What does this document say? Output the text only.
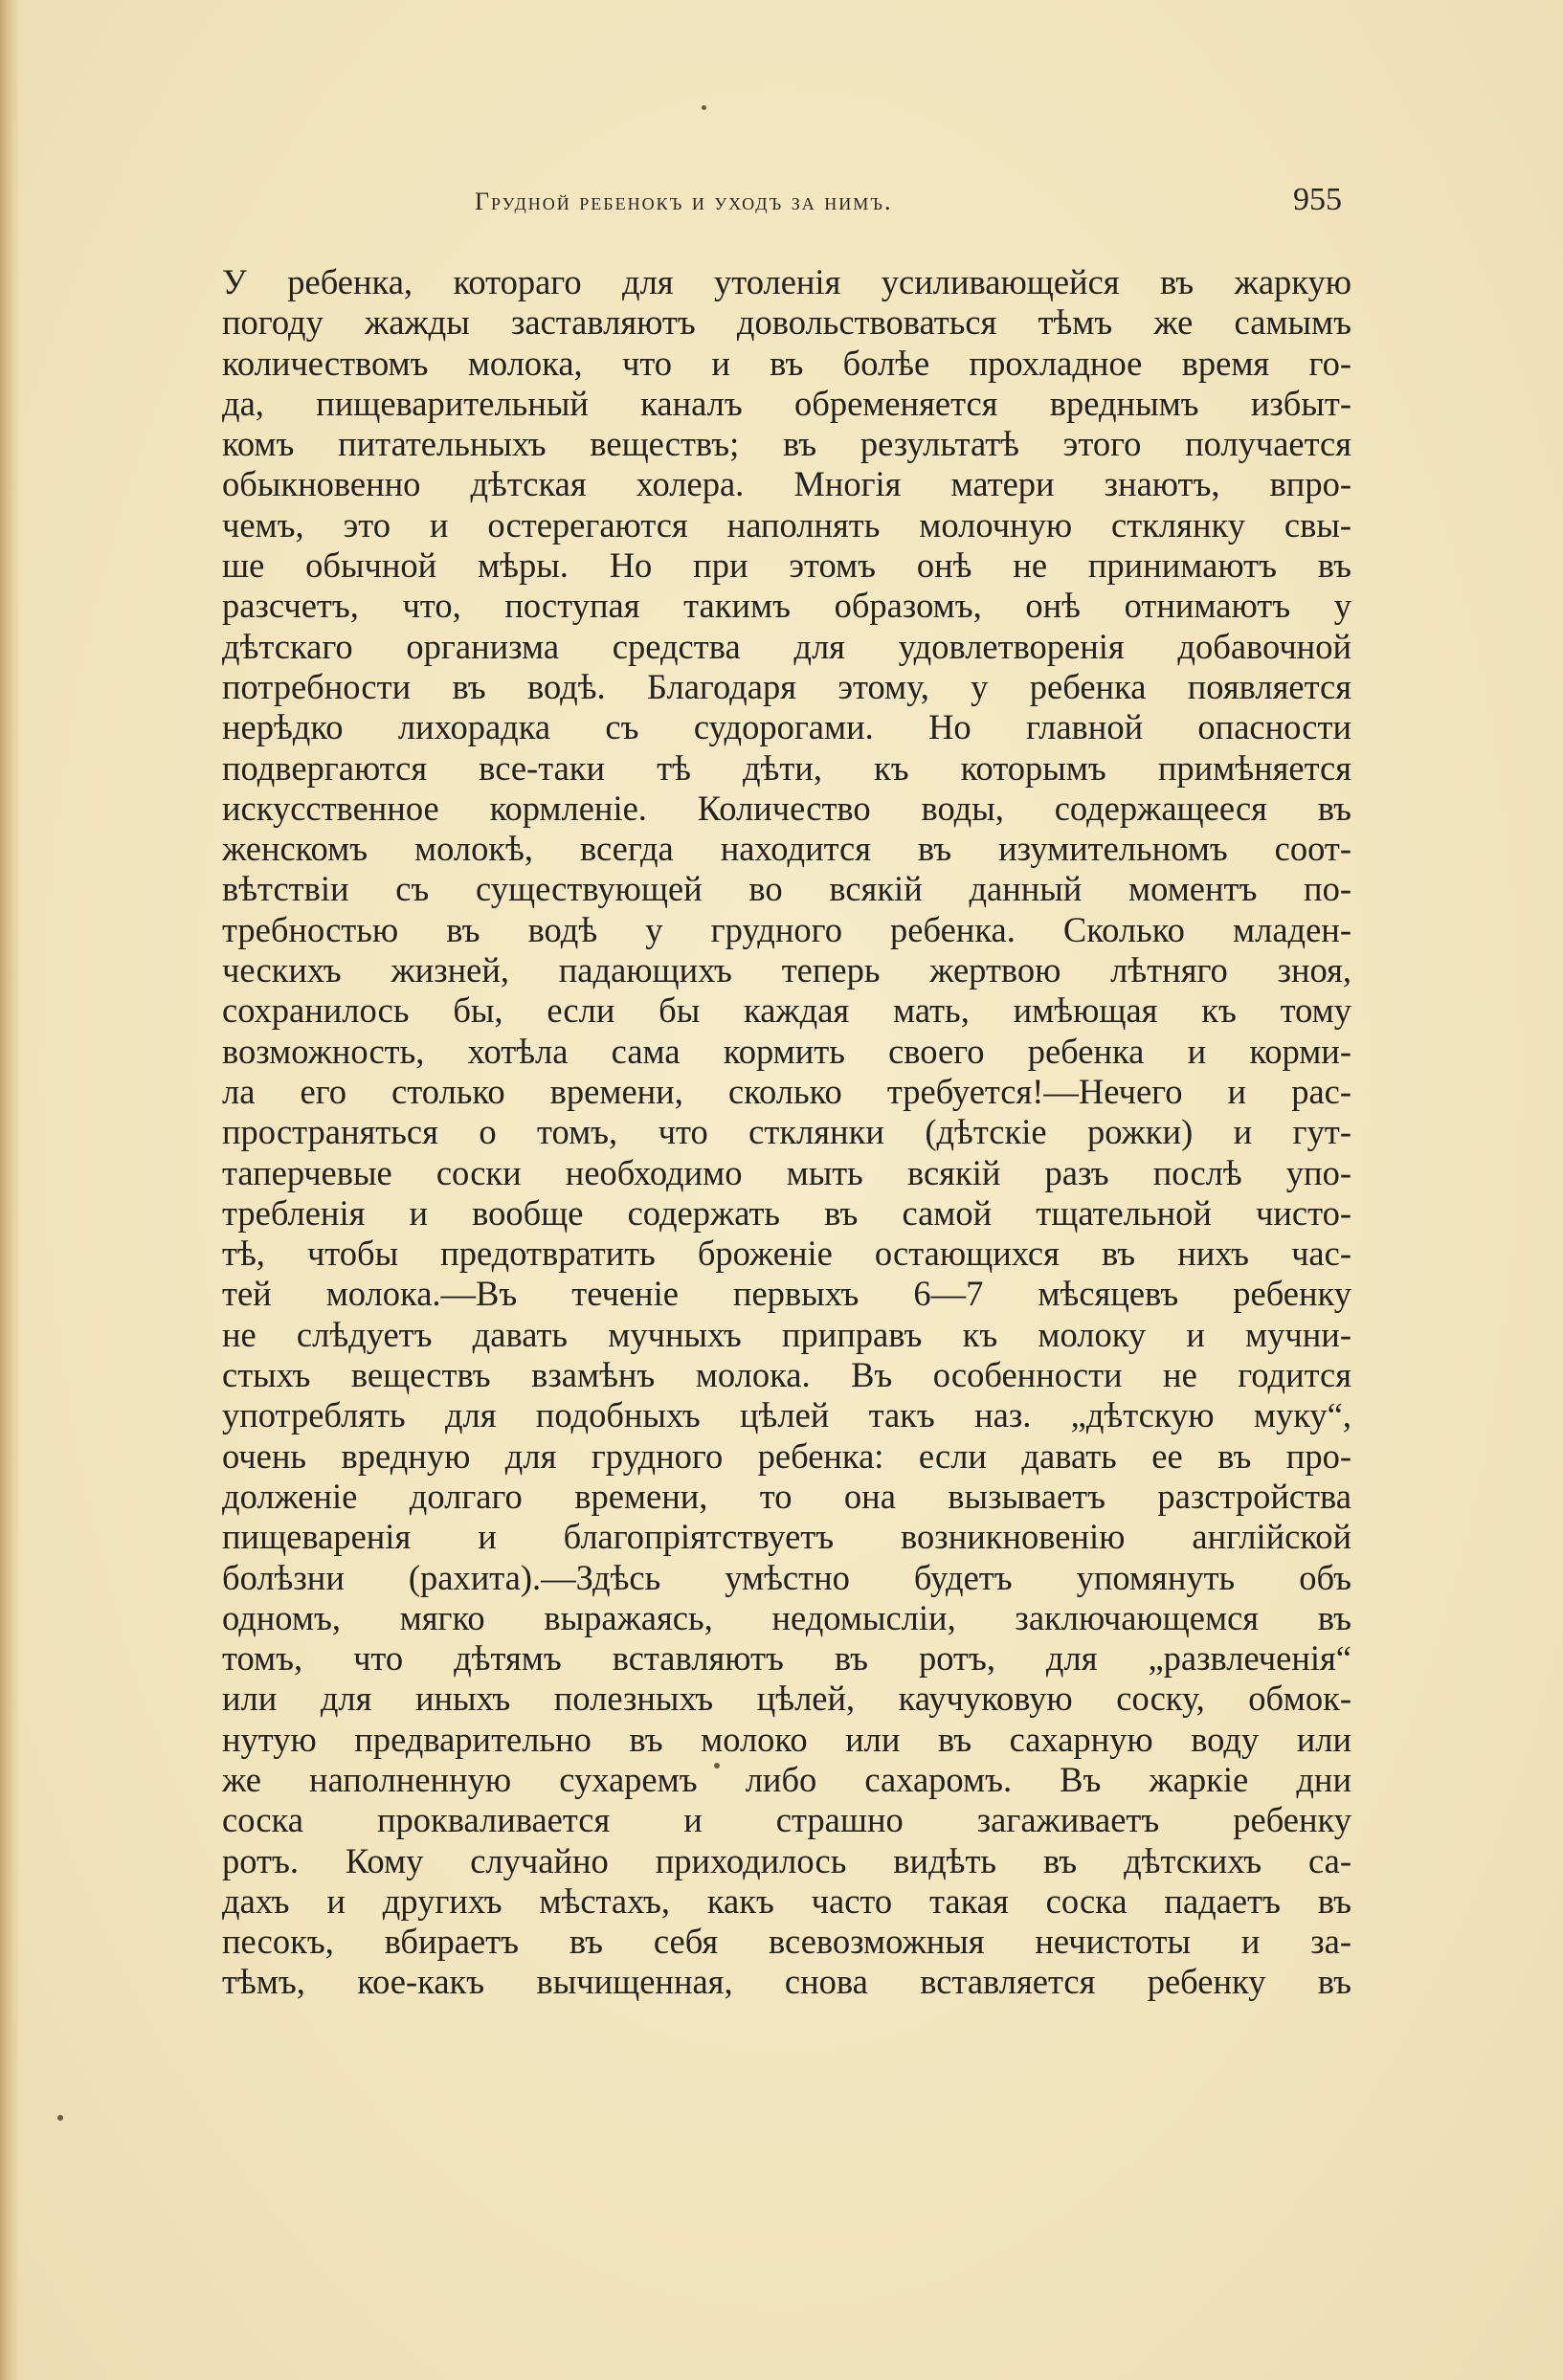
Грудной ребенокъ и уходъ за нимъ.	955
У ребенка, котораго для утоленія усиливающейся въ жаркую
погоду жажды заставляютъ довольствоваться тѣмъ же самымъ
количествомъ молока, что и въ болѣе прохладное время го-
да, пищеварительный каналъ обременяется вреднымъ избыт-
комъ питательныхъ веществъ; въ результатѣ этого получается
обыкновенно дѣтская холера. Многія матери знаютъ, впро-
чемъ, это и остерегаются наполнять молочную стклянку свы-
ше обычной мѣры. Но при этомъ онѣ не принимаютъ въ
разсчетъ, что, поступая такимъ образомъ, онѣ отнимаютъ у
дѣтскаго организма средства для удовлетворенія добавочной
потребности въ водѣ. Благодаря этому, у ребенка появляется
нерѣдко лихорадка съ судорогами. Но главной опасности
подвергаются все-таки тѣ дѣти, къ которымъ примѣняется
искусственное кормленіе. Количество воды, содержащееся въ
женскомъ молокѣ, всегда находится въ изумительномъ соот-
вѣтствіи съ существующей во всякій данный моментъ по-
требностью въ водѣ у грудного ребенка. Сколько младен-
ческихъ жизней, падающихъ теперь жертвою лѣтняго зноя,
сохранилось бы, если бы каждая мать, имѣющая къ тому
возможность, хотѣла сама кормить своего ребенка и корми-
ла его столько времени, сколько требуется!—Нечего и рас-
пространяться о томъ, что стклянки (дѣтскіе рожки) и гут-
таперчевые соски необходимо мыть всякій разъ послѣ упо-
требленія и вообще содержать въ самой тщательной чисто-
тѣ, чтобы предотвратить броженіе остающихся въ нихъ час-
тей молока.—Въ теченіе первыхъ 6—7 мѣсяцевъ ребенку
не слѣдуетъ давать мучныхъ приправъ къ молоку и мучни-
стыхъ веществъ взамѣнъ молока. Въ особенности не годится
употреблять для подобныхъ цѣлей такъ наз. „дѣтскую муку“,
очень вредную для грудного ребенка: если давать ее въ про-
долженіе долгаго времени, то она вызываетъ разстройства
пищеваренія и благопріятствуетъ возникновенію англійской
болѣзни (рахита).—Здѣсь умѣстно будетъ упомянуть объ
одномъ, мягко выражаясь, недомысліи, заключающемся въ
томъ, что дѣтямъ вставляютъ въ ротъ, для „развлеченія“
или для иныхъ полезныхъ цѣлей, каучуковую соску, обмок-
нутую предварительно въ молоко или въ сахарную воду или
же наполненную сухаремъ либо сахаромъ. Въ жаркіе дни
соска прокваливается и страшно загаживаетъ ребенку
ротъ. Кому случайно приходилось видѣть въ дѣтскихъ са-
дахъ и другихъ мѣстахъ, какъ часто такая соска падаетъ въ
песокъ, вбираетъ въ себя всевозможныя нечистоты и за-
тѣмъ, кое-какъ вычищенная, снова вставляется ребенку въ
